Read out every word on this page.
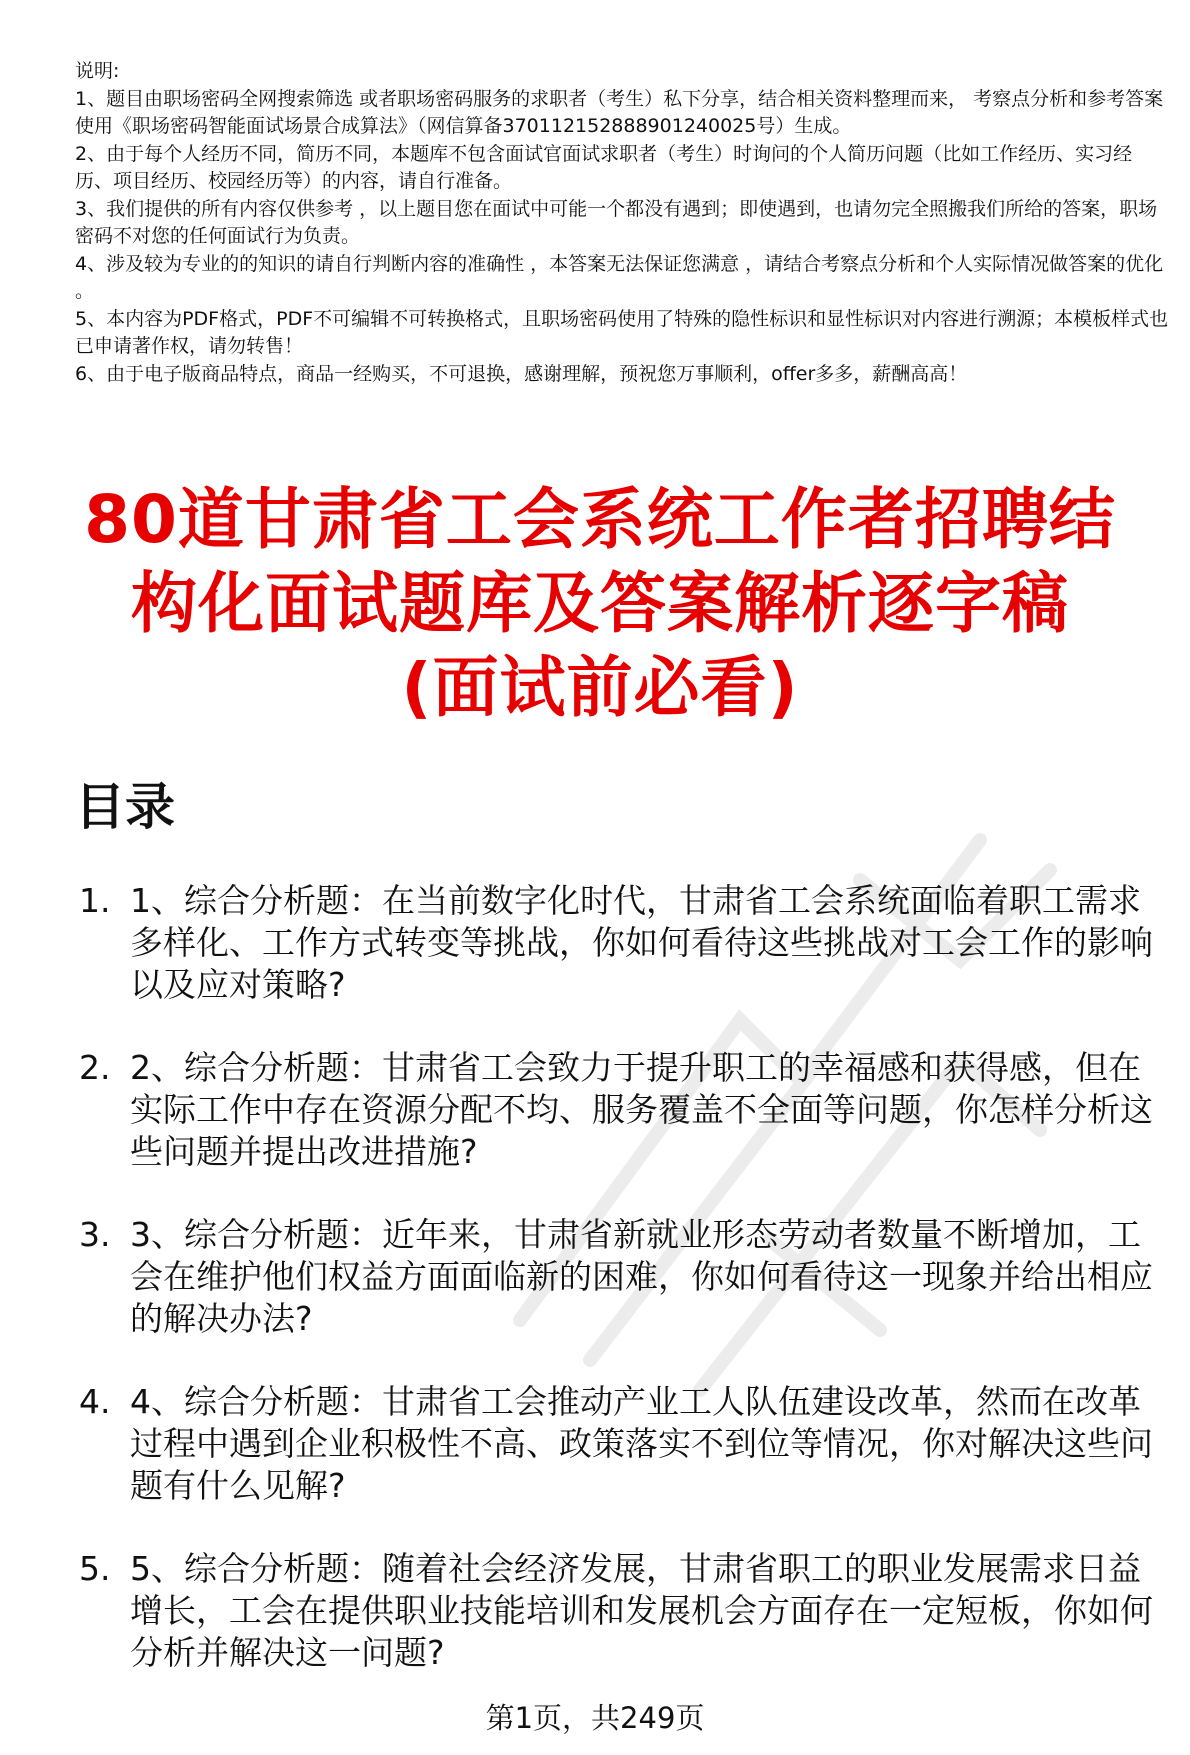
说明:

1、题目由职场密码全网搜索筛选 或者职场密码服务的求职者（考生）私下分享，结合相关资料整理而来， 考察点分析和参考答案使用《职场密码智能面试场景合成算法》（网信算备370112152888901240025号）生成。

2、由于每个人经历不同，简历不同，本题库不包含面试官面试求职者（考生）时询问的个人简历问题（比如工作经历、实习经历、项目经历、校园经历等）的内容，请自行准备。

3、我们提供的所有内容仅供参考 ，以上题目您在面试中可能一个都没有遇到；即使遇到，也请勿完全照搬我们所给的答案，职场密码不对您的任何面试行为负责。

4、涉及较为专业的的知识的请自行判断内容的准确性 ，本答案无法保证您满意 ，请结合考察点分析和个人实际情况做答案的优化 。

5、本内容为PDF格式，PDF不可编辑不可转换格式，且职场密码使用了特殊的隐性标识和显性标识对内容进行溯源；本模板样式也已申请著作权，请勿转售！

6、由于电子版商品特点，商品一经购买，不可退换，感谢理解，预祝您万事顺利，offer多多，薪酬高高！

80道甘肃省工会系统工作者招聘结
构化面试题库及答案解析逐字稿
(面试前必看)
目录
1. 1、综合分析题：在当前数字化时代，甘肃省工会系统面临着职工需求多样化、工作方式转变等挑战，你如何看待这些挑战对工会工作的影响以及应对策略?
2. 2、综合分析题：甘肃省工会致力于提升职工的幸福感和获得感，但在实际工作中存在资源分配不均、服务覆盖不全面等问题，你怎样分析这些问题并提出改进措施?
3. 3、综合分析题：近年来，甘肃省新就业形态劳动者数量不断增加，工会在维护他们权益方面面临新的困难，你如何看待这一现象并给出相应的解决办法?
4. 4、综合分析题：甘肃省工会推动产业工人队伍建设改革，然而在改革过程中遇到企业积极性不高、政策落实不到位等情况，你对解决这些问题有什么见解?
5. 5、综合分析题：随着社会经济发展，甘肃省职工的职业发展需求日益增长，工会在提供职业技能培训和发展机会方面存在一定短板，你如何分析并解决这一问题?
第1页，共249页
